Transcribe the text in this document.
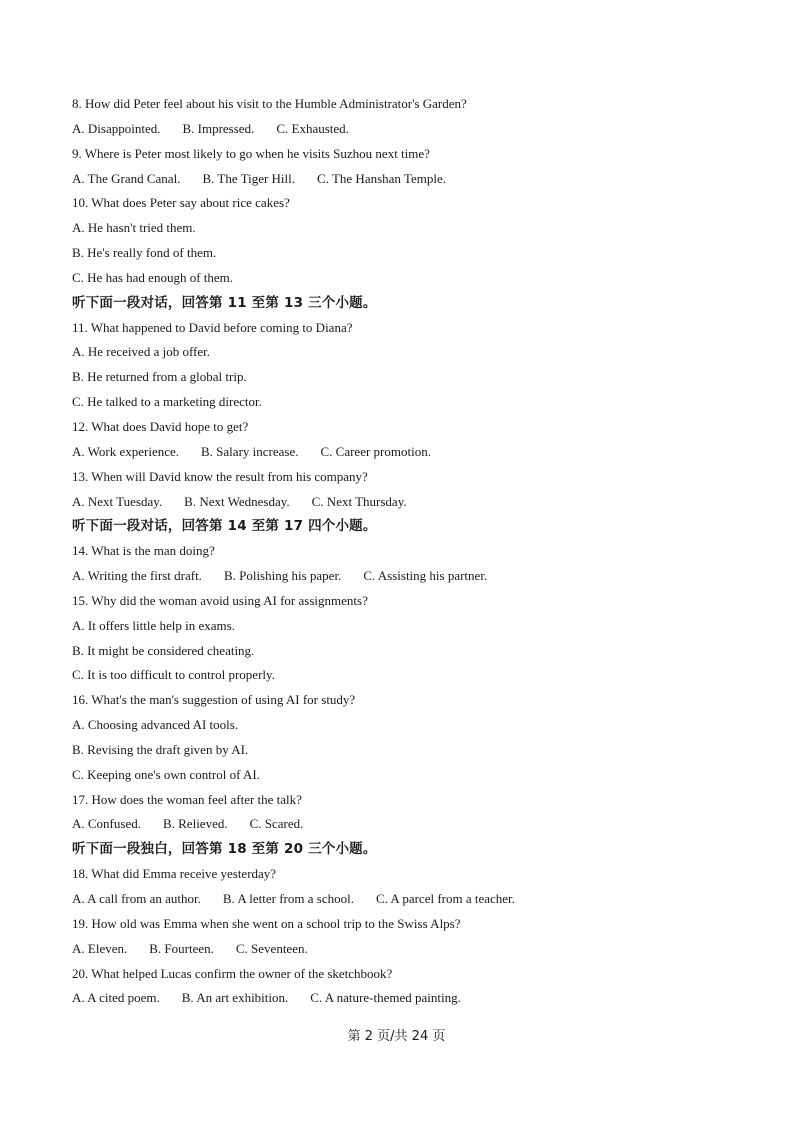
8. How did Peter feel about his visit to the Humble Administrator's Garden?
A. Disappointed. B. Impressed. C. Exhausted.
9. Where is Peter most likely to go when he visits Suzhou next time?
A. The Grand Canal. B. The Tiger Hill. C. The Hanshan Temple.
10. What does Peter say about rice cakes?
A. He hasn't tried them.
B. He's really fond of them.
C. He has had enough of them.
听下面一段对话，回答第 11 至第 13 三个小题。
11. What happened to David before coming to Diana?
A. He received a job offer.
B. He returned from a global trip.
C. He talked to a marketing director.
12. What does David hope to get?
A. Work experience. B. Salary increase. C. Career promotion.
13. When will David know the result from his company?
A. Next Tuesday. B. Next Wednesday. C. Next Thursday.
听下面一段对话，回答第 14 至第 17 四个小题。
14. What is the man doing?
A. Writing the first draft. B. Polishing his paper. C. Assisting his partner.
15. Why did the woman avoid using AI for assignments?
A. It offers little help in exams.
B. It might be considered cheating.
C. It is too difficult to control properly.
16. What's the man's suggestion of using AI for study?
A. Choosing advanced AI tools.
B. Revising the draft given by AI.
C. Keeping one's own control of AI.
17. How does the woman feel after the talk?
A. Confused. B. Relieved. C. Scared.
听下面一段独白，回答第 18 至第 20 三个小题。
18. What did Emma receive yesterday?
A. A call from an author. B. A letter from a school. C. A parcel from a teacher.
19. How old was Emma when she went on a school trip to the Swiss Alps?
A. Eleven. B. Fourteen. C. Seventeen.
20. What helped Lucas confirm the owner of the sketchbook?
A. A cited poem. B. An art exhibition. C. A nature-themed painting.
第 2 页/共 24 页
